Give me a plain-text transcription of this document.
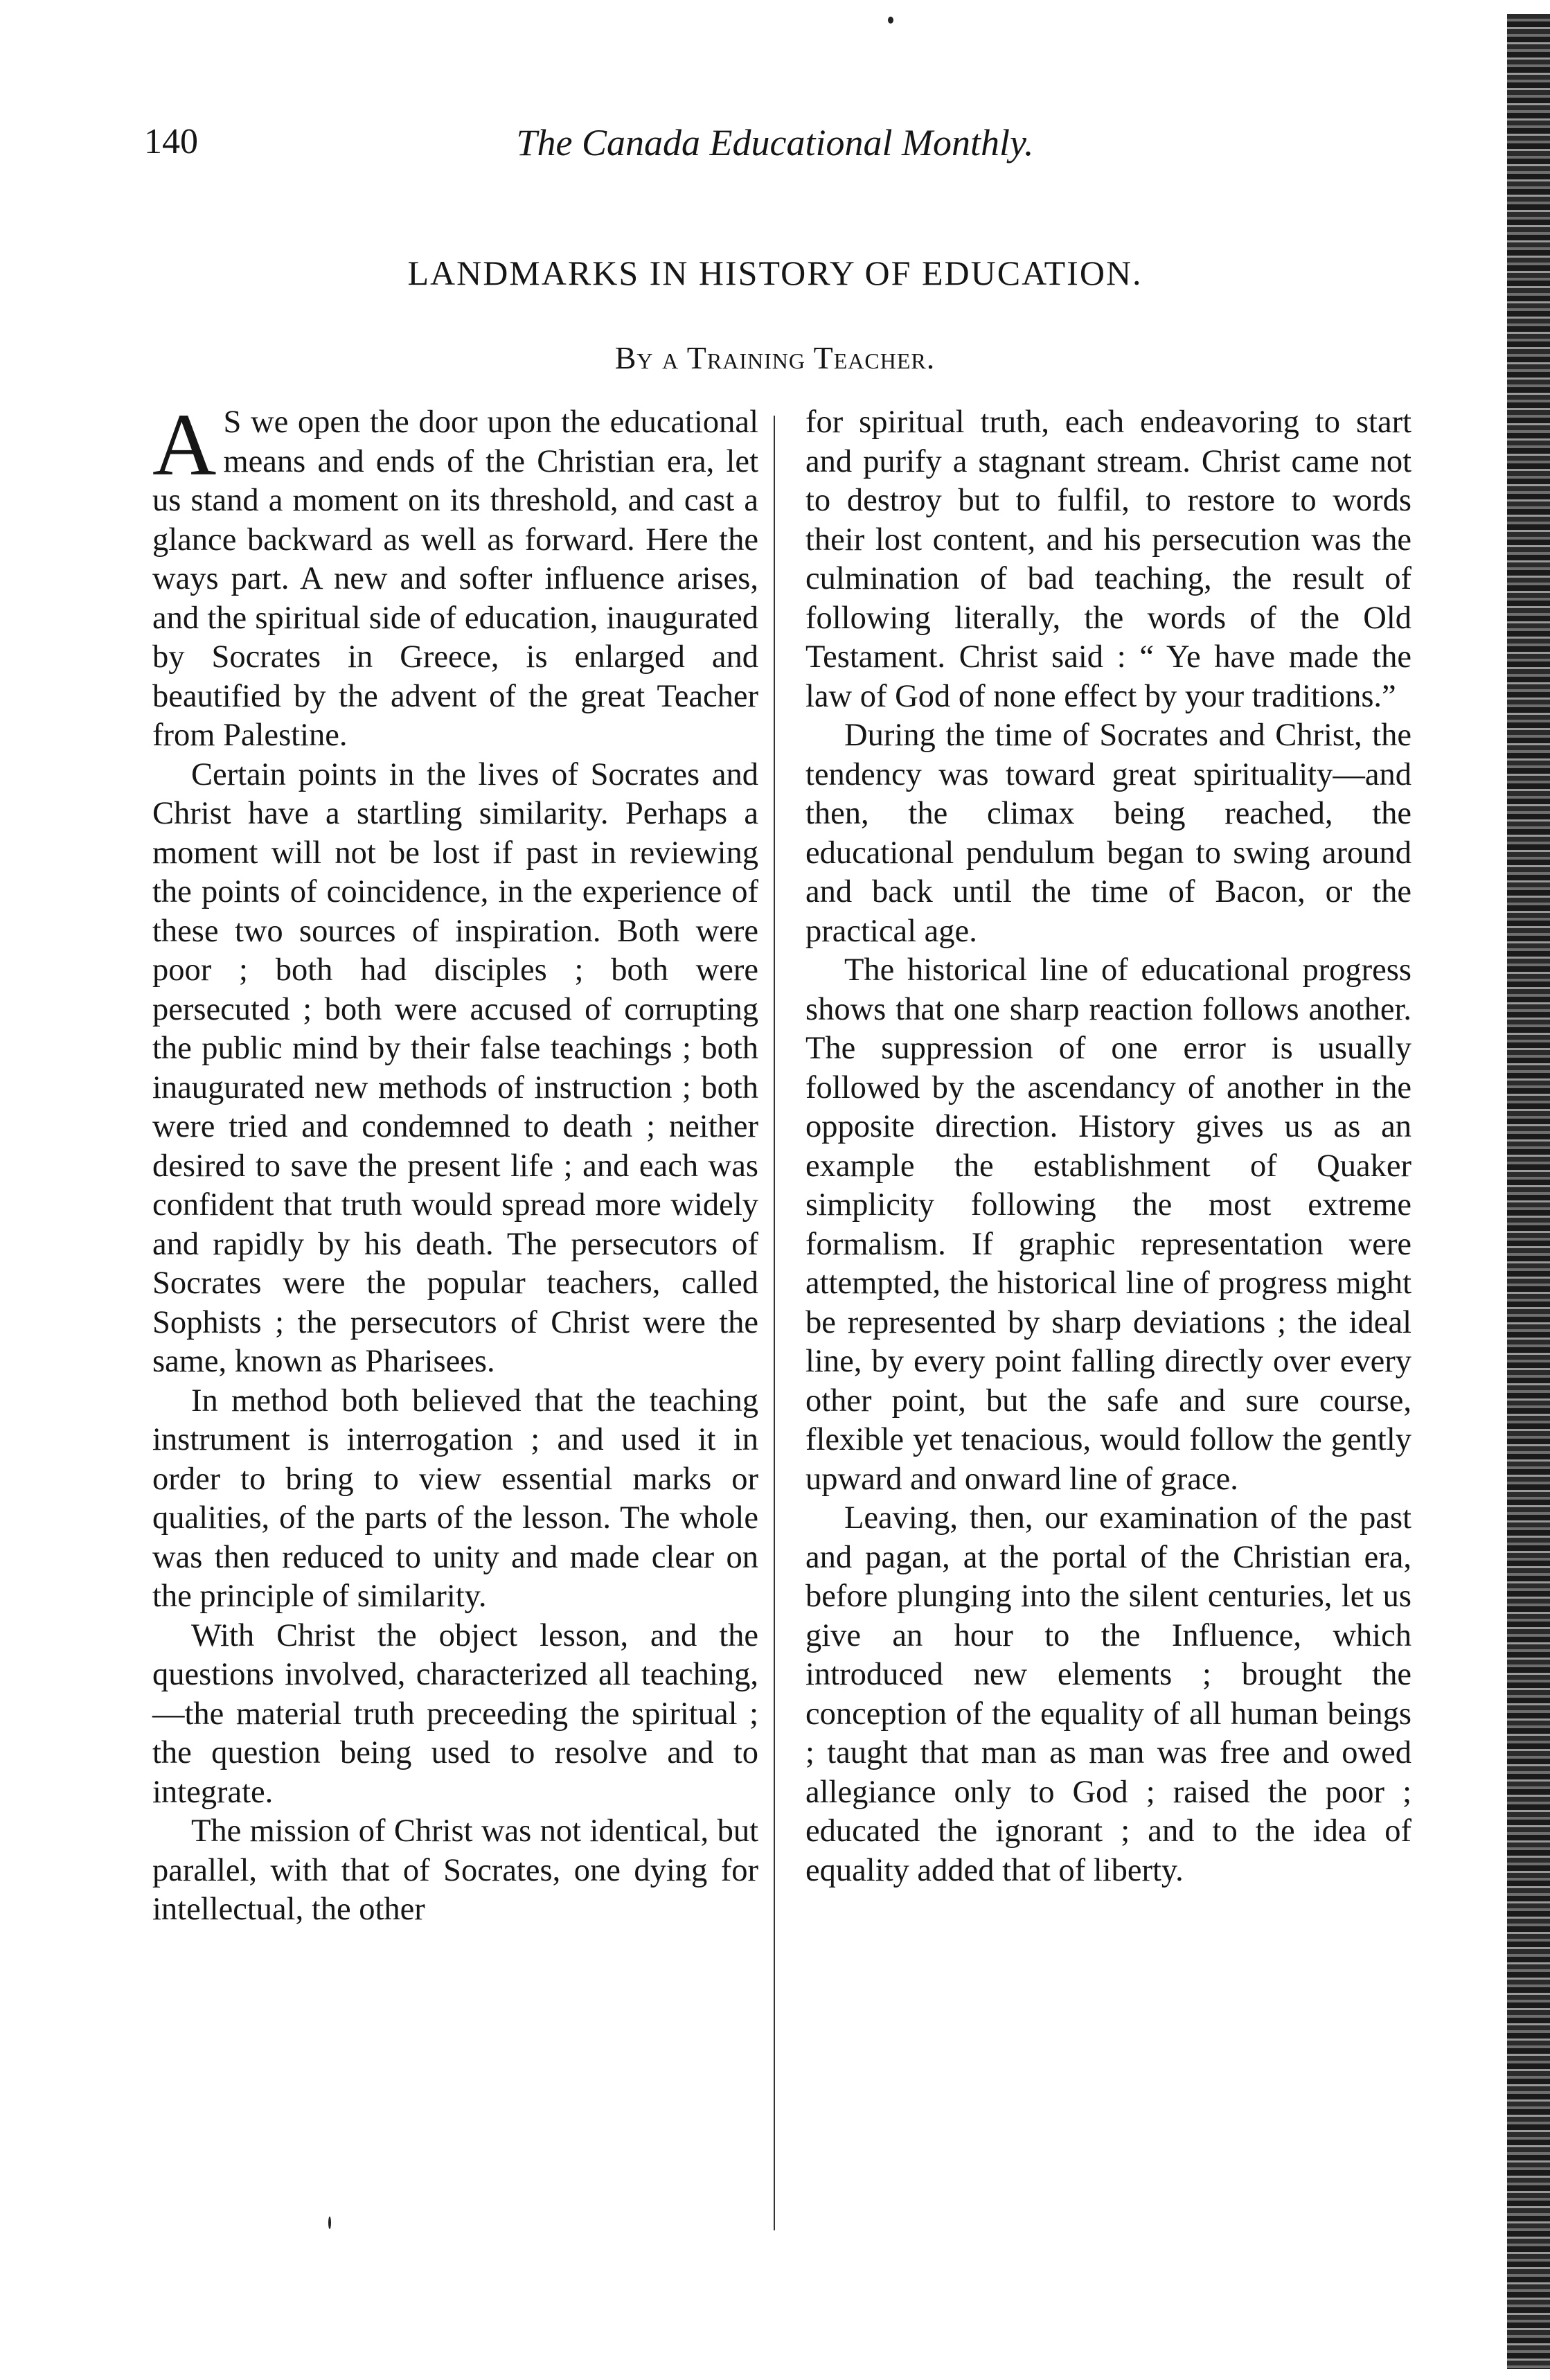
140	The Canada Educational Monthly.
LANDMARKS IN HISTORY OF EDUCATION.
By a Training Teacher.

A S we open the door upon the educational means and ends of the Christian era, let us stand a moment on its threshold, and cast a glance backward as well as forward. Here the ways part. A new and softer influence arises, and the spiritual side of education, inaugurated by Socrates in Greece, is enlarged and beautified by the advent of the great Teacher from Palestine.

Certain points in the lives of Socrates and Christ have a startling similarity. Perhaps a moment will not be lost if past in reviewing the points of coincidence, in the experience of these two sources of inspiration. Both were poor ; both had disciples ; both were persecuted ; both were accused of corrupting the public mind by their false teachings ; both inaugurated new methods of instruction ; both were tried and condemned to death ; neither desired to save the present life ; and each was confident that truth would spread more widely and rapidly by his death. The persecutors of Socrates were the popular teachers, called Sophists ; the persecutors of Christ were the same, known as Pharisees.

In method both believed that the teaching instrument is interrogation ; and used it in order to bring to view essential marks or qualities, of the parts of the lesson. The whole was then reduced to unity and made clear on the principle of similarity.

With Christ the object lesson, and the questions involved, characterized all teaching,—the material truth preceeding the spiritual ; the question being used to resolve and to integrate.

The mission of Christ was not identical, but parallel, with that of Socrates, one dying for intellectual, the other

for spiritual truth, each endeavoring to start and purify a stagnant stream. Christ came not to destroy but to fulfil, to restore to words their lost content, and his persecution was the culmination of bad teaching, the result of following literally, the words of the Old Testament. Christ said : “ Ye have made the law of God of none effect by your traditions.”

During the time of Socrates and Christ, the tendency was toward great spirituality—and then, the climax being reached, the educational pendulum began to swing around and back until the time of Bacon, or the practical age.

The historical line of educational progress shows that one sharp reaction follows another. The suppression of one error is usually followed by the ascendancy of another in the opposite direction. History gives us as an example the establishment of Quaker simplicity following the most extreme formalism. If graphic representation were attempted, the historical line of progress might be represented by sharp deviations ; the ideal line, by every point falling directly over every other point, but the safe and sure course, flexible yet tenacious, would follow the gently upward and onward line of grace.

Leaving, then, our examination of the past and pagan, at the portal of the Christian era, before plunging into the silent centuries, let us give an hour to the Influence, which introduced new elements ; brought the conception of the equality of all human beings ; taught that man as man was free and owed allegiance only to God ; raised the poor ; educated the ignorant ; and to the idea of equality added that of liberty.
